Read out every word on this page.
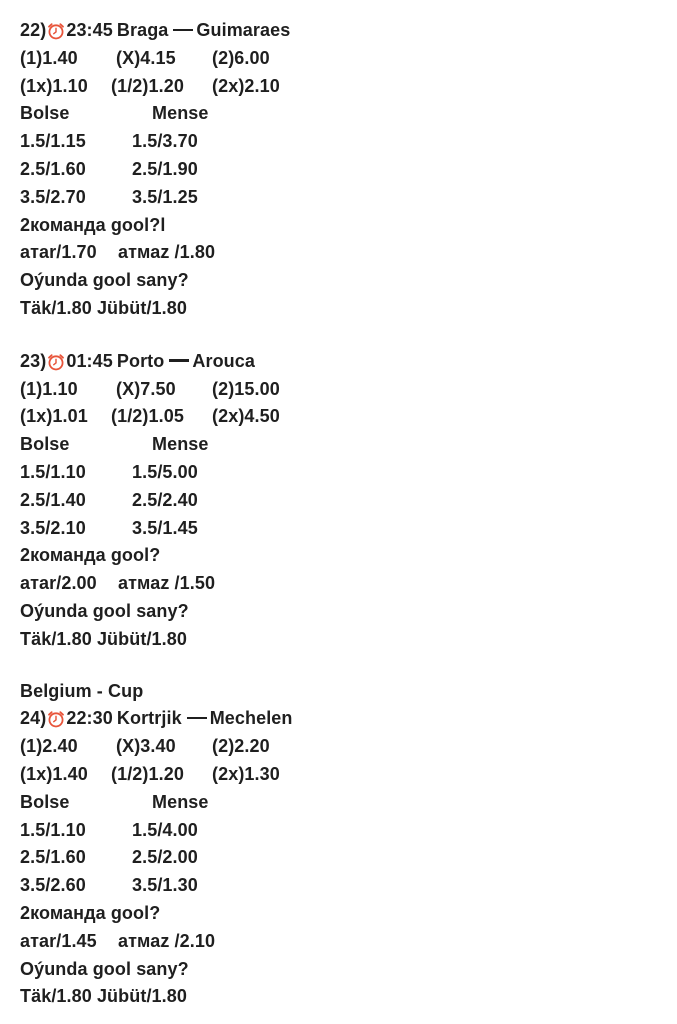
22) 23:45 Braga Guimaraes
(1)1.40	(X)4.15	(2)6.00
(1x)1.10	(1/2)1.20	(2x)2.10
Bolse	Mense
1.5/1.15	1.5/3.70
2.5/1.60	2.5/1.90
3.5/2.70	3.5/1.25
2команда gool?l
атаr/1.70	атмаz /1.80
Oýunda gool sany?
Täk/1.80 Jübüt/1.80
23) 01:45 Porto Arouca
(1)1.10	(X)7.50	(2)15.00
(1x)1.01	(1/2)1.05	(2x)4.50
Bolse	Mense
1.5/1.10	1.5/5.00
2.5/1.40	2.5/2.40
3.5/2.10	3.5/1.45
2команда gool?
атаr/2.00	атмаz /1.50
Oýunda gool sany?
Täk/1.80 Jübüt/1.80
Belgium - Cup
24) 22:30 Kortrjik Mechelen
(1)2.40	(X)3.40	(2)2.20
(1x)1.40	(1/2)1.20	(2x)1.30
Bolse	Mense
1.5/1.10	1.5/4.00
2.5/1.60	2.5/2.00
3.5/2.60	3.5/1.30
2команда gool?
атаr/1.45	атмаz /2.10
Oýunda gool sany?
Täk/1.80 Jübüt/1.80
